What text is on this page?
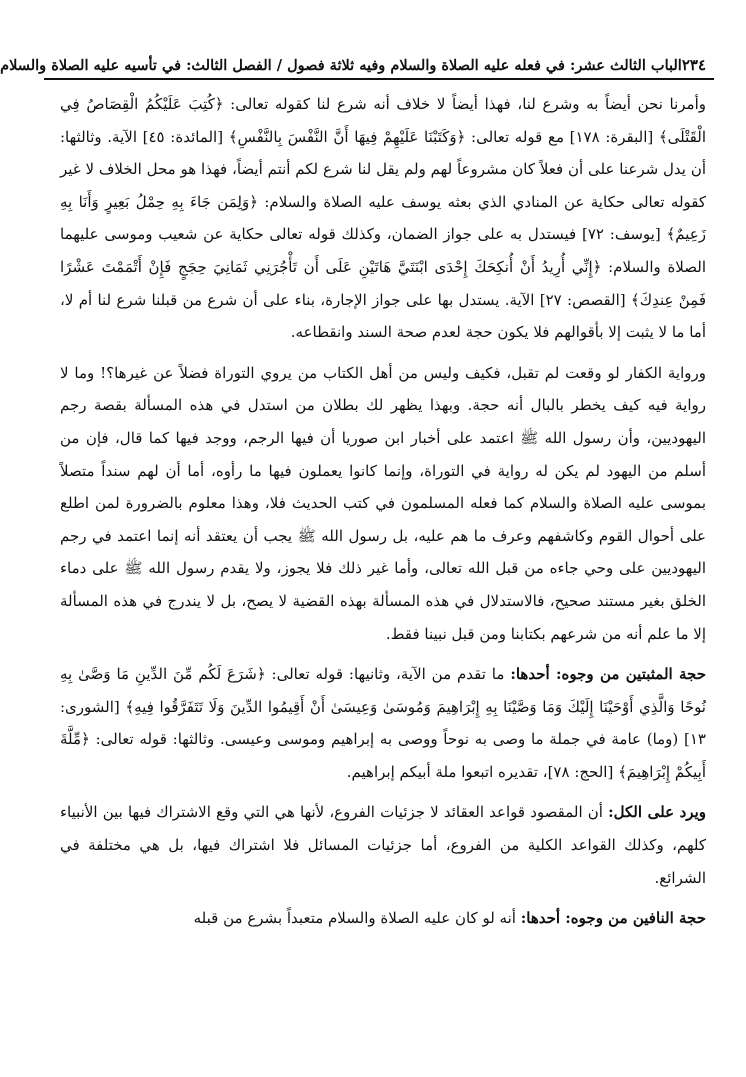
٢٣٤
الباب الثالث عشر: في فعله عليه الصلاة والسلام وفيه ثلاثة فصول / الفصل الثالث: في تأسيه عليه الصلاة والسلام

وأمرنا نحن أيضاً به وشرع لنا، فهذا أيضاً لا خلاف أنه شرع لنا كقوله تعالى: ﴿كُتِبَ عَلَيْكُمُ الْقِصَاصُ فِي الْقَتْلَى﴾ [البقرة: ١٧٨] مع قوله تعالى: ﴿وَكَتَبْنَا عَلَيْهِمْ فِيهَا أَنَّ النَّفْسَ بِالنَّفْسِ﴾ [المائدة: ٤٥] الآية. وثالثها: أن يدل شرعنا على أن فعلاً كان مشروعاً لهم ولم يقل لنا شرع لكم أنتم أيضاً، فهذا هو محل الخلاف لا غير كقوله تعالى حكاية عن المنادي الذي بعثه يوسف عليه الصلاة والسلام: ﴿وَلِمَن جَاءَ بِهِ حِمْلُ بَعِيرٍ وَأَنَا بِهِ زَعِيمٌ﴾ [يوسف: ٧٢] فيستدل به على جواز الضمان، وكذلك قوله تعالى حكاية عن شعيب وموسى عليهما الصلاة والسلام: ﴿إِنِّي أُرِيدُ أَنْ أُنكِحَكَ إِحْدَى ابْنَتَيَّ هَاتَيْنِ عَلَى أَن تَأْجُرَنِي ثَمَانِيَ حِجَجٍ فَإِنْ أَتْمَمْتَ عَشْرًا فَمِنْ عِندِكَ﴾ [القصص: ٢٧] الآية. يستدل بها على جواز الإجارة، بناء على أن شرع من قبلنا شرع لنا أم لا، أما ما لا يثبت إلا بأقوالهم فلا يكون حجة لعدم صحة السند وانقطاعه.

ورواية الكفار لو وقعت لم تقبل، فكيف وليس من أهل الكتاب من يروي التوراة فضلاً عن غيرها؟! وما لا رواية فيه كيف يخطر بالبال أنه حجة. وبهذا يظهر لك بطلان من استدل في هذه المسألة بقصة رجم اليهوديين، وأن رسول الله ﷺ اعتمد على أخبار ابن صوريا أن فيها الرجم، ووجد فيها كما قال، فإن من أسلم من اليهود لم يكن له رواية في التوراة، وإنما كانوا يعملون فيها ما رأوه، أما أن لهم سنداً متصلاً بموسى عليه الصلاة والسلام كما فعله المسلمون في كتب الحديث فلا، وهذا معلوم بالضرورة لمن اطلع على أحوال القوم وكاشفهم وعرف ما هم عليه، بل رسول الله ﷺ يجب أن يعتقد أنه إنما اعتمد في رجم اليهوديين على وحي جاءه من قبل الله تعالى، وأما غير ذلك فلا يجوز، ولا يقدم رسول الله ﷺ على دماء الخلق بغير مستند صحيح، فالاستدلال في هذه المسألة بهذه القضية لا يصح، بل لا يندرج في هذه المسألة إلا ما علم أنه من شرعهم بكتابنا ومن قبل نبينا فقط.

حجة المثبتين من وجوه: أحدها: ما تقدم من الآية، وثانيها: قوله تعالى: ﴿شَرَعَ لَكُم مِّنَ الدِّينِ مَا وَصَّىٰ بِهِ نُوحًا وَالَّذِي أَوْحَيْنَا إِلَيْكَ وَمَا وَصَّيْنَا بِهِ إِبْرَاهِيمَ وَمُوسَىٰ وَعِيسَىٰ أَنْ أَقِيمُوا الدِّينَ وَلَا تَتَفَرَّقُوا فِيهِ﴾ [الشورى: ١٣] (وما) عامة في جملة ما وصى به نوحاً ووصى به إبراهيم وموسى وعيسى. وثالثها: قوله تعالى: ﴿مِّلَّةَ أَبِيكُمْ إِبْرَاهِيمَ﴾ [الحج: ٧٨]، تقديره اتبعوا ملة أبيكم إبراهيم.

ويرد على الكل: أن المقصود قواعد العقائد لا جزئيات الفروع، لأنها هي التي وقع الاشتراك فيها بين الأنبياء كلهم، وكذلك القواعد الكلية من الفروع، أما جزئيات المسائل فلا اشتراك فيها، بل هي مختلفة في الشرائع.

حجة النافين من وجوه: أحدها: أنه لو كان عليه الصلاة والسلام متعبداً بشرع من قبله
